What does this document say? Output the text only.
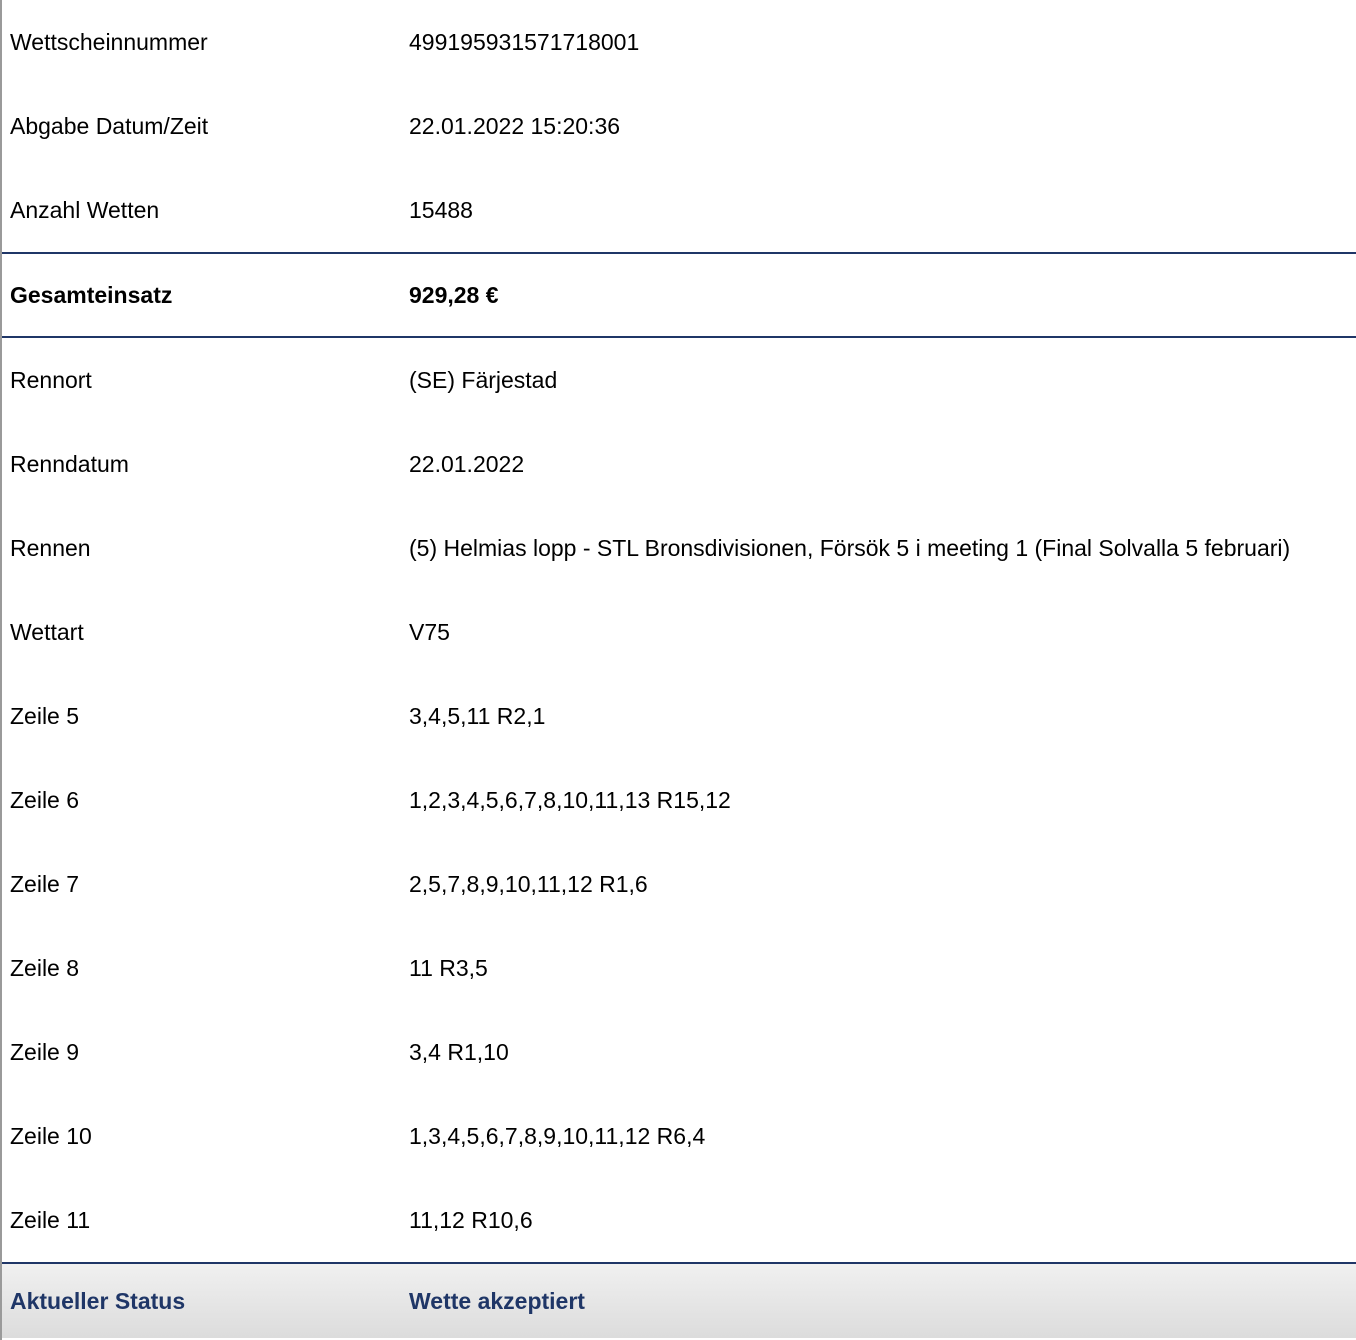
Wettscheinnummer	499195931571718001
Abgabe Datum/Zeit	22.01.2022 15:20:36
Anzahl Wetten	15488
Gesamteinsatz	929,28 €
Rennort	(SE) Färjestad
Renndatum	22.01.2022
Rennen	(5) Helmias lopp - STL Bronsdivisionen, Försök 5 i meeting 1 (Final Solvalla 5 februari)
Wettart	V75
Zeile 5	3,4,5,11 R2,1
Zeile 6	1,2,3,4,5,6,7,8,10,11,13 R15,12
Zeile 7	2,5,7,8,9,10,11,12 R1,6
Zeile 8	11 R3,5
Zeile 9	3,4 R1,10
Zeile 10	1,3,4,5,6,7,8,9,10,11,12 R6,4
Zeile 11	11,12 R10,6
Aktueller Status	Wette akzeptiert
